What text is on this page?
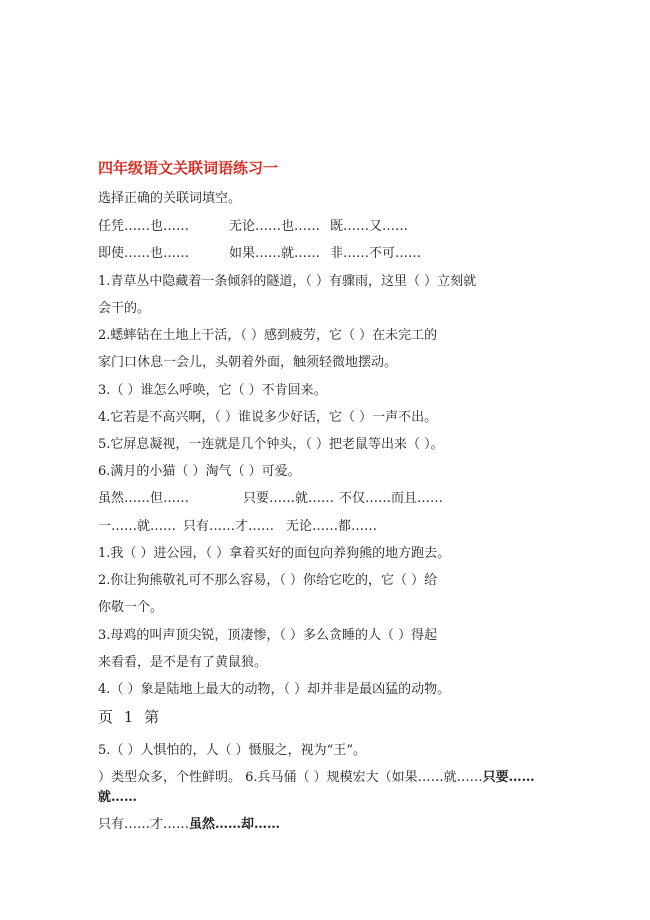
四年级语文关联词语练习一
选择正确的关联词填空。
任凭……也……	无论……也…… 既……又……
即使……也……	如果……就…… 非……不可……
1.青草丛中隐藏着一条倾斜的隧道，（ ）有骤雨，这里（ ）立刻就
会干的。
2.蟋蟀钻在土地上干活，（ ）感到疲劳，它（ ）在未完工的
家门口休息一会儿，头朝着外面，触须轻微地摆动。
3.（ ）谁怎么呼唤，它（ ）不肯回来。
4.它若是不高兴啊，（ ）谁说多少好话，它（ ）一声不出。
5.它屏息凝视，一连就是几个钟头，（ ）把老鼠等出来（ ）。
6.满月的小猫（ ）淘气（ ）可爱。
虽然……但……	只要……就…… 不仅……而且……
一……就…… 只有……才…… 无论……都……
1.我（ ）进公园，（ ）拿着买好的面包向养狗熊的地方跑去。
2.你让狗熊敬礼可不那么容易，（ ）你给它吃的，它（ ）给
你敬一个。
3.母鸡的叫声顶尖锐，顶凄惨，（ ）多么贪睡的人（ ）得起
来看看，是不是有了黄鼠狼。
4.（ ）象是陆地上最大的动物，（ ）却并非是最凶猛的动物。
页 1 第
5.（ ）人惧怕的，人（ ）慑服之，视为“王”。
）类型众多，个性鲜明。 6.兵马俑（ ）规模宏大（如果……就……只要……
就……
只有……才……虽然……却……
